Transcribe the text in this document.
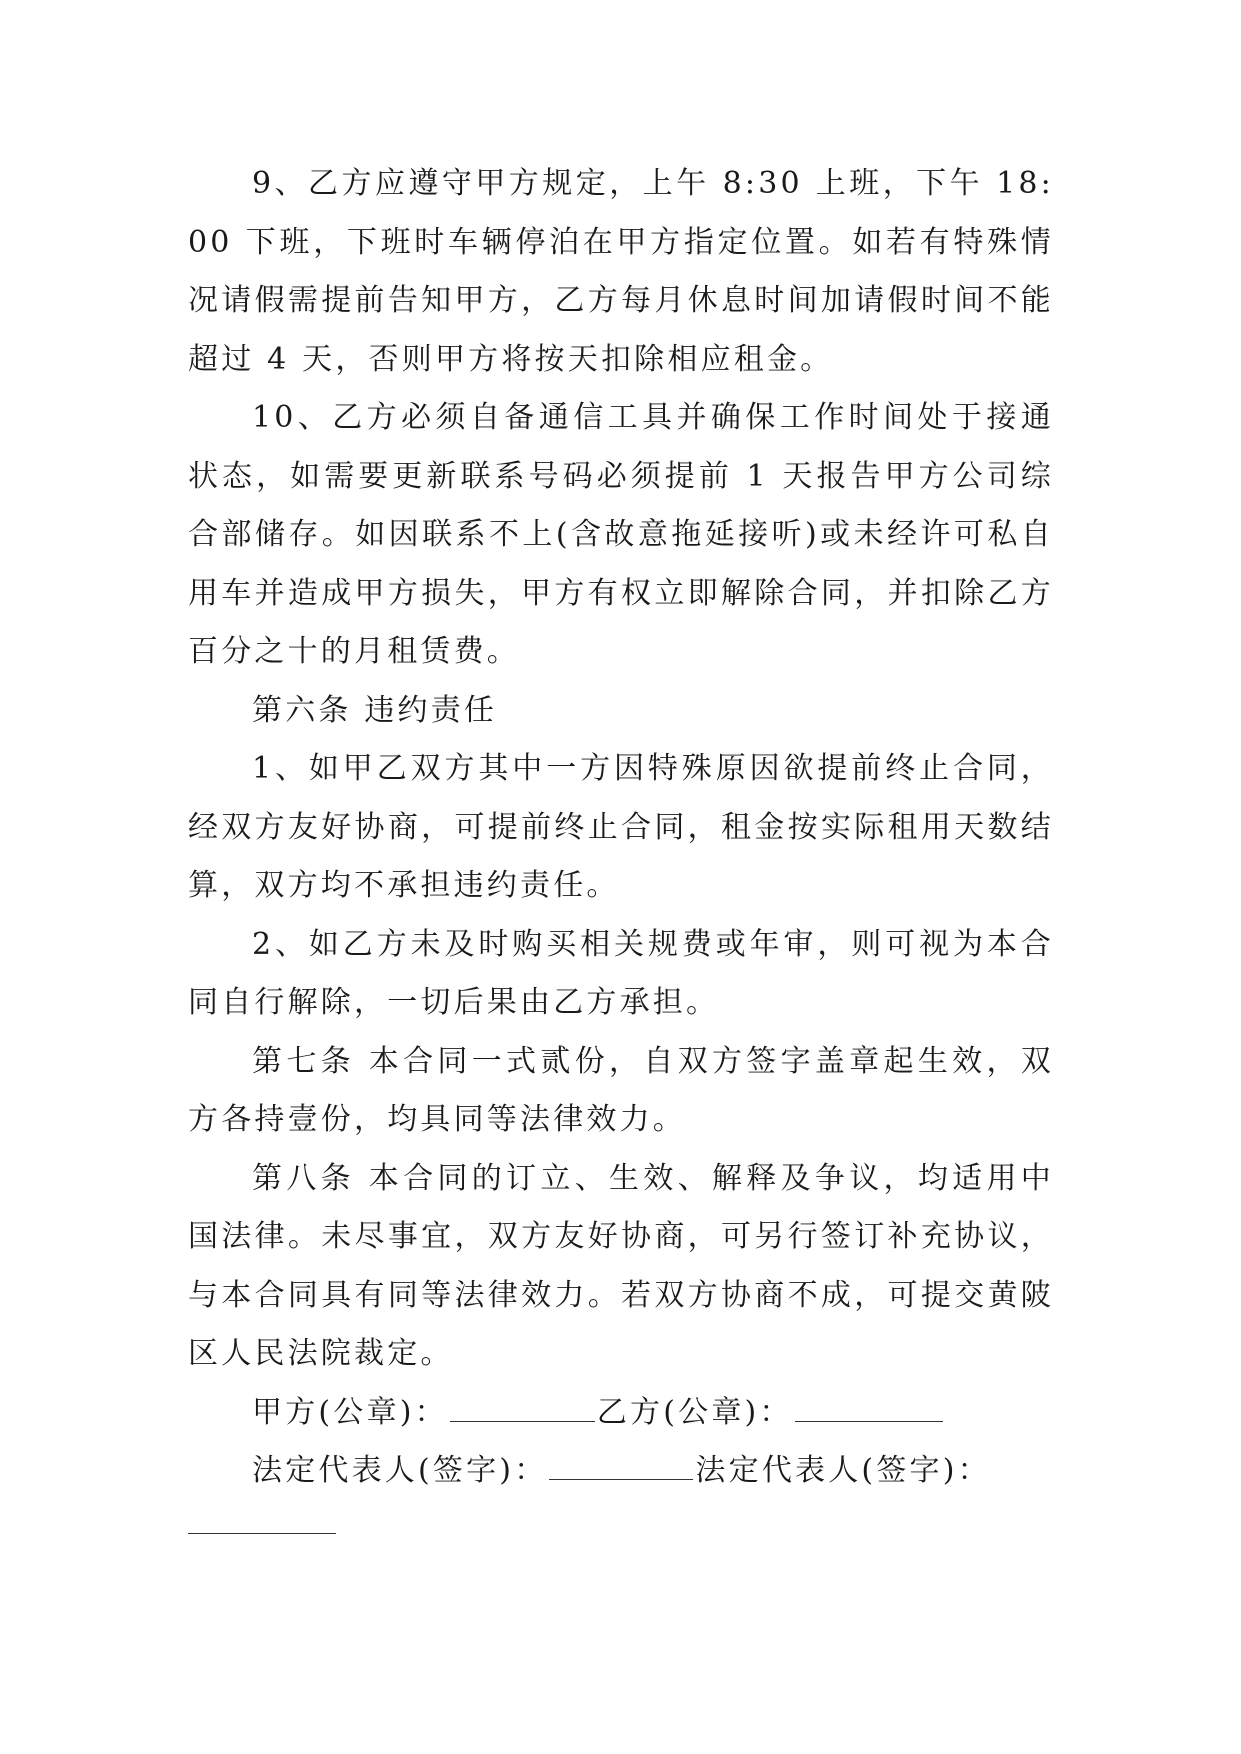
9、乙方应遵守甲方规定，上午 8:30 上班，下午 18:00 下班，下班时车辆停泊在甲方指定位置。如若有特殊情况请假需提前告知甲方，乙方每月休息时间加请假时间不能超过 4 天，否则甲方将按天扣除相应租金。

10、乙方必须自备通信工具并确保工作时间处于接通状态，如需要更新联系号码必须提前 1 天报告甲方公司综合部储存。如因联系不上(含故意拖延接听)或未经许可私自用车并造成甲方损失，甲方有权立即解除合同，并扣除乙方百分之十的月租赁费。

第六条 违约责任

1、如甲乙双方其中一方因特殊原因欲提前终止合同，经双方友好协商，可提前终止合同，租金按实际租用天数结算，双方均不承担违约责任。

2、如乙方未及时购买相关规费或年审，则可视为本合同自行解除，一切后果由乙方承担。

第七条 本合同一式贰份，自双方签字盖章起生效，双方各持壹份，均具同等法律效力。

第八条 本合同的订立、生效、解释及争议，均适用中国法律。未尽事宜，双方友好协商，可另行签订补充协议，与本合同具有同等法律效力。若双方协商不成，可提交黄陂区人民法院裁定。

甲方(公章)：	乙方(公章)：

法定代表人(签字)：	法定代表人(签字)：
